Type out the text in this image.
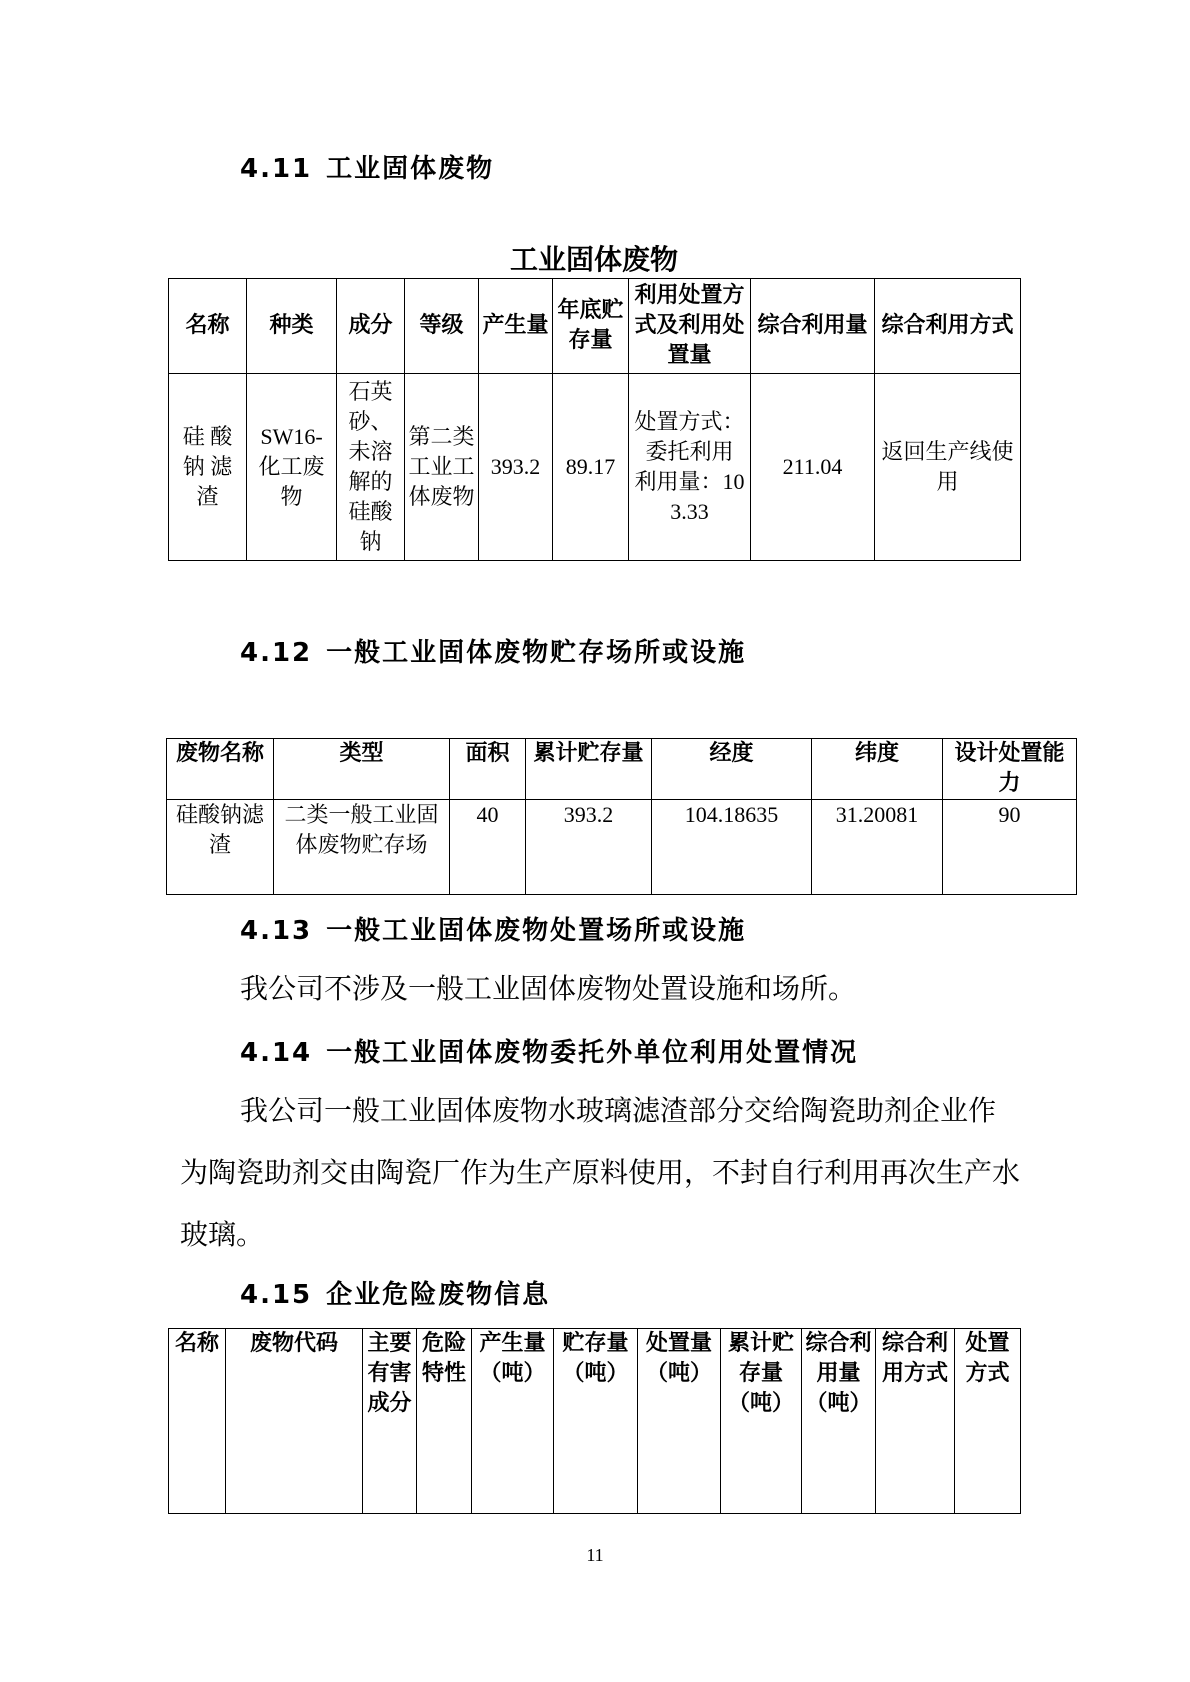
4.11 工业固体废物
工业固体废物
名称	种类	成分	等级	产生量	年底贮存量	利用处置方式及利用处置量	综合利用量	综合利用方式
硅 酸 钠 滤 渣	SW16-化工废物	石英砂、未溶解的硅酸钠	第二类工业工体废物	393.2	89.17	处置方式：委托利用 利用量：103.33	211.04	返回生产线使用
4.12 一般工业固体废物贮存场所或设施
废物名称	类型	面积	累计贮存量	经度	纬度	设计处置能力
硅酸钠滤渣	二类一般工业固体废物贮存场	40	393.2	104.18635	31.20081	90
4.13 一般工业固体废物处置场所或设施
我公司不涉及一般工业固体废物处置设施和场所。
4.14 一般工业固体废物委托外单位利用处置情况
我公司一般工业固体废物水玻璃滤渣部分交给陶瓷助剂企业作为陶瓷助剂交由陶瓷厂作为生产原料使用，不封自行利用再次生产水玻璃。
4.15 企业危险废物信息
名称	废物代码	主要有害成分	危险特性	产生量（吨）	贮存量（吨）	处置量（吨）	累计贮存量（吨）	综合利用量（吨）	综合利用方式	处置方式
11
